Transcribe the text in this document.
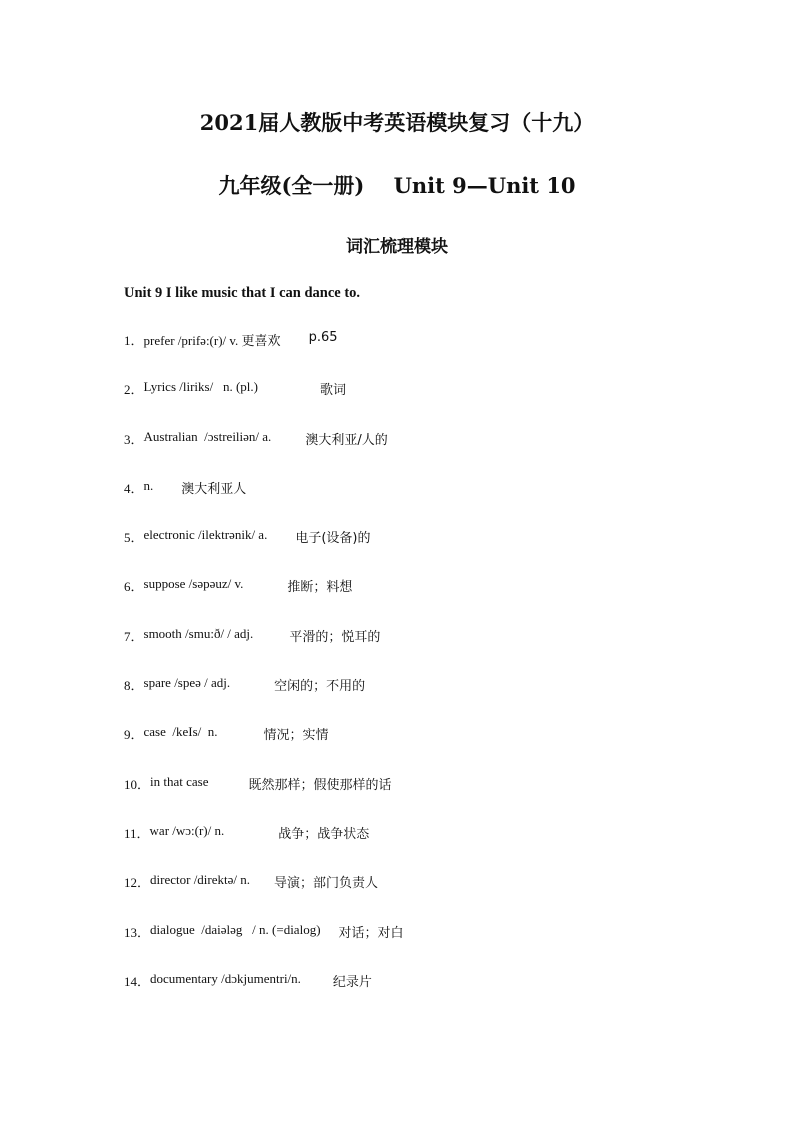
2021届人教版中考英语模块复习（十九）
九年级(全一册)    Unit 9—Unit 10
词汇梳理模块

Unit 9 I like music that I can dance to.

1． prefer /prifə:(r)/ v. 更喜欢 p.65
2． Lyrics /liriks/   n. (pl.)	歌词
3． Australian  /ɔstreiliən/ a.	澳大利亚/人的
4． n. 澳大利亚人
5． electronic /ilektrənik/ a. 电子(设备)的
6． suppose /səpəuz/ v.	推断；料想
7． smooth /smu:ð/ / adj.	平滑的；悦耳的
8． spare /speə / adj.	空闲的；不用的
9． case  /keIs/  n.	情况；实情
10． in that case	既然那样；假使那样的话
11． war /wɔ:(r)/ n.	战争；战争状态
12． director /direktə/ n. 导演；部门负责人
13． dialogue  /daiələg   / n. (=dialog) 对话；对白
14． documentary /dɔkjumentri/n. 纪录片
